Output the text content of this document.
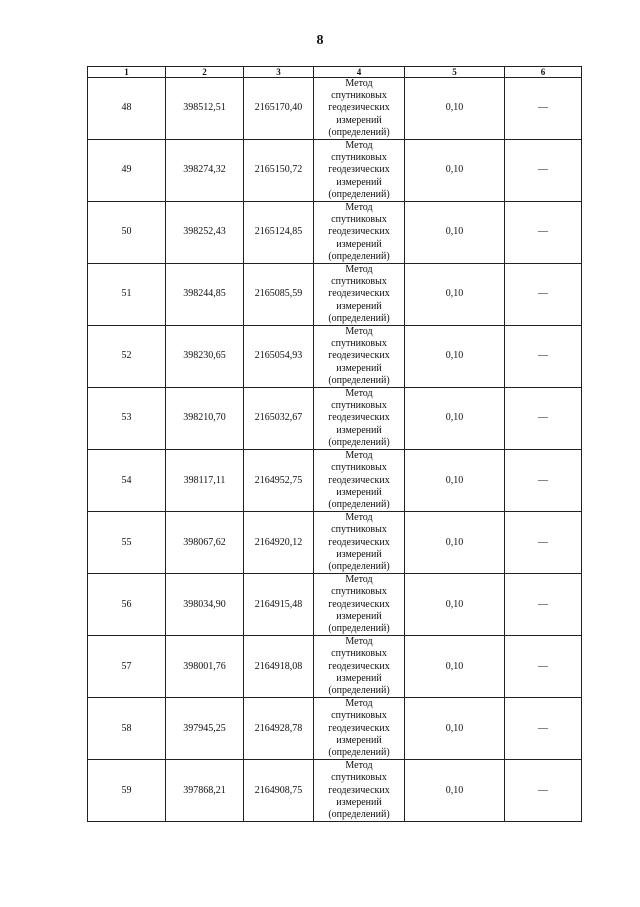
8
1	2	3	4	5	6
48	398512,51	2165170,40	Метод
спутниковых
геодезических
измерений
(определений)	0,10	—
49	398274,32	2165150,72	Метод
спутниковых
геодезических
измерений
(определений)	0,10	—
50	398252,43	2165124,85	Метод
спутниковых
геодезических
измерений
(определений)	0,10	—
51	398244,85	2165085,59	Метод
спутниковых
геодезических
измерений
(определений)	0,10	—
52	398230,65	2165054,93	Метод
спутниковых
геодезических
измерений
(определений)	0,10	—
53	398210,70	2165032,67	Метод
спутниковых
геодезических
измерений
(определений)	0,10	—
54	398117,11	2164952,75	Метод
спутниковых
геодезических
измерений
(определений)	0,10	—
55	398067,62	2164920,12	Метод
спутниковых
геодезических
измерений
(определений)	0,10	—
56	398034,90	2164915,48	Метод
спутниковых
геодезических
измерений
(определений)	0,10	—
57	398001,76	2164918,08	Метод
спутниковых
геодезических
измерений
(определений)	0,10	—
58	397945,25	2164928,78	Метод
спутниковых
геодезических
измерений
(определений)	0,10	—
59	397868,21	2164908,75	Метод
спутниковых
геодезических
измерений
(определений)	0,10	—
